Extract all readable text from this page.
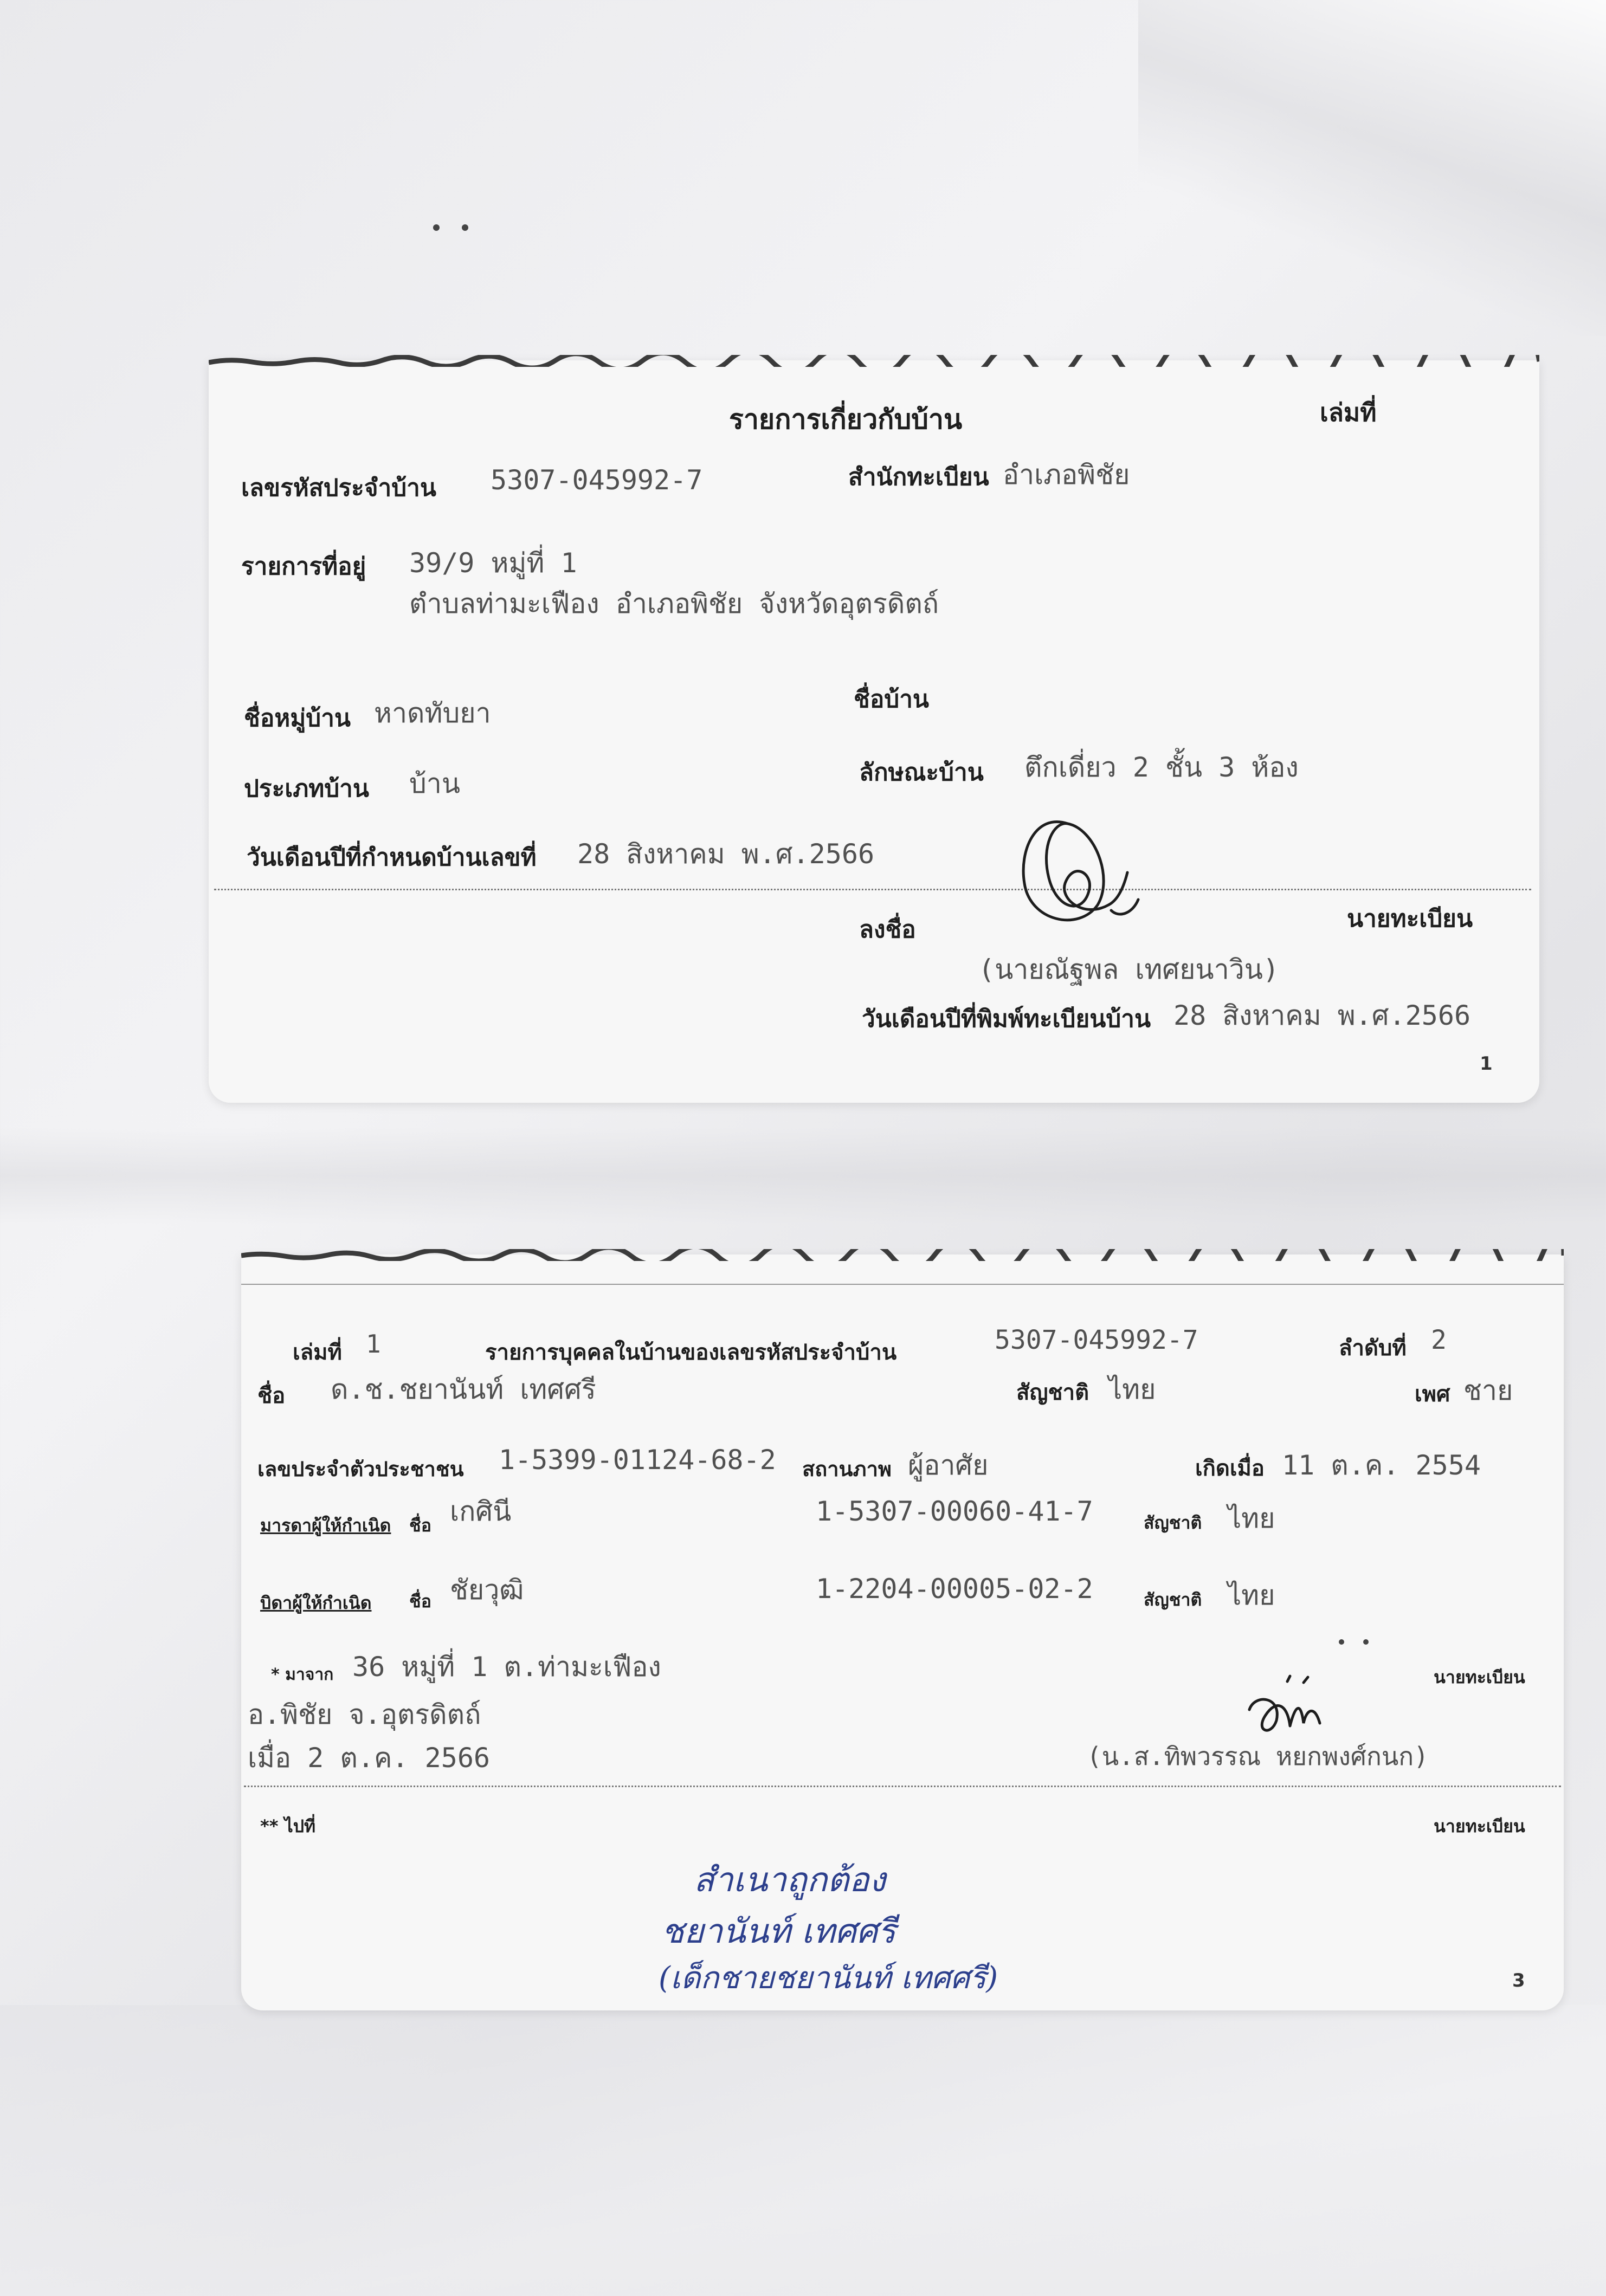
รายการเกี่ยวกับบ้าน	เล่มที่
เลขรหัสประจำบ้าน 5307-045992-7	สำนักทะเบียน อำเภอพิชัย
รายการที่อยู่ 39/9 หมู่ที่ 1
ตำบลท่ามะเฟือง อำเภอพิชัย จังหวัดอุตรดิตถ์
ชื่อหมู่บ้าน หาดทับยา	ชื่อบ้าน
ประเภทบ้าน บ้าน	ลักษณะบ้าน ตึกเดี่ยว 2 ชั้น 3 ห้อง
วันเดือนปีที่กำหนดบ้านเลขที่ 28 สิงหาคม พ.ศ.2566
ลงชื่อ	นายทะเบียน
(นายณัฐพล เทศยนาวิน)
วันเดือนปีที่พิมพ์ทะเบียนบ้าน 28 สิงหาคม พ.ศ.2566
1
เล่มที่ 1	รายการบุคคลในบ้านของเลขรหัสประจำบ้าน	5307-045992-7	ลำดับที่ 2
ชื่อ ด.ช.ชยานันท์ เทศศรี	สัญชาติ ไทย	เพศ ชาย
เลขประจำตัวประชาชน 1-5399-01124-68-2 สถานภาพ ผู้อาศัย	เกิดเมื่อ 11 ต.ค. 2554
มารดาผู้ให้กำเนิด ชื่อ เกศินี	1-5307-00060-41-7	สัญชาติ ไทย
บิดาผู้ให้กำเนิด ชื่อ ชัยวุฒิ	1-2204-00005-02-2	สัญชาติ ไทย
* มาจาก 36 หมู่ที่ 1 ต.ท่ามะเฟือง
อ.พิชัย จ.อุตรดิตถ์
เมื่อ 2 ต.ค. 2566
นายทะเบียน
(น.ส.ทิพวรรณ หยกพงศ์กนก)
** ไปที่	นายทะเบียน
สำเนาถูกต้อง
ชยานันท์ เทศศรี
(เด็กชายชยานันท์ เทศศรี)	3
